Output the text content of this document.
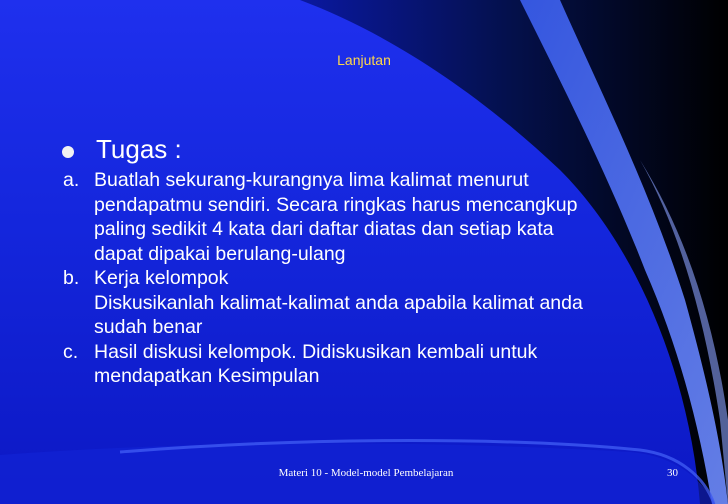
Lanjutan
Tugas :
a. Buatlah sekurang-kurangnya lima kalimat menurut

pendapatmu sendiri. Secara ringkas harus mencangkup

paling sedikit 4 kata dari daftar diatas dan setiap kata

dapat dipakai berulang-ulang

b. Kerja kelompok

Diskusikanlah kalimat-kalimat anda apabila kalimat anda

sudah benar

c. Hasil diskusi kelompok. Didiskusikan kembali untuk

mendapatkan Kesimpulan

Materi 10 - Model-model Pembelajaran	30
